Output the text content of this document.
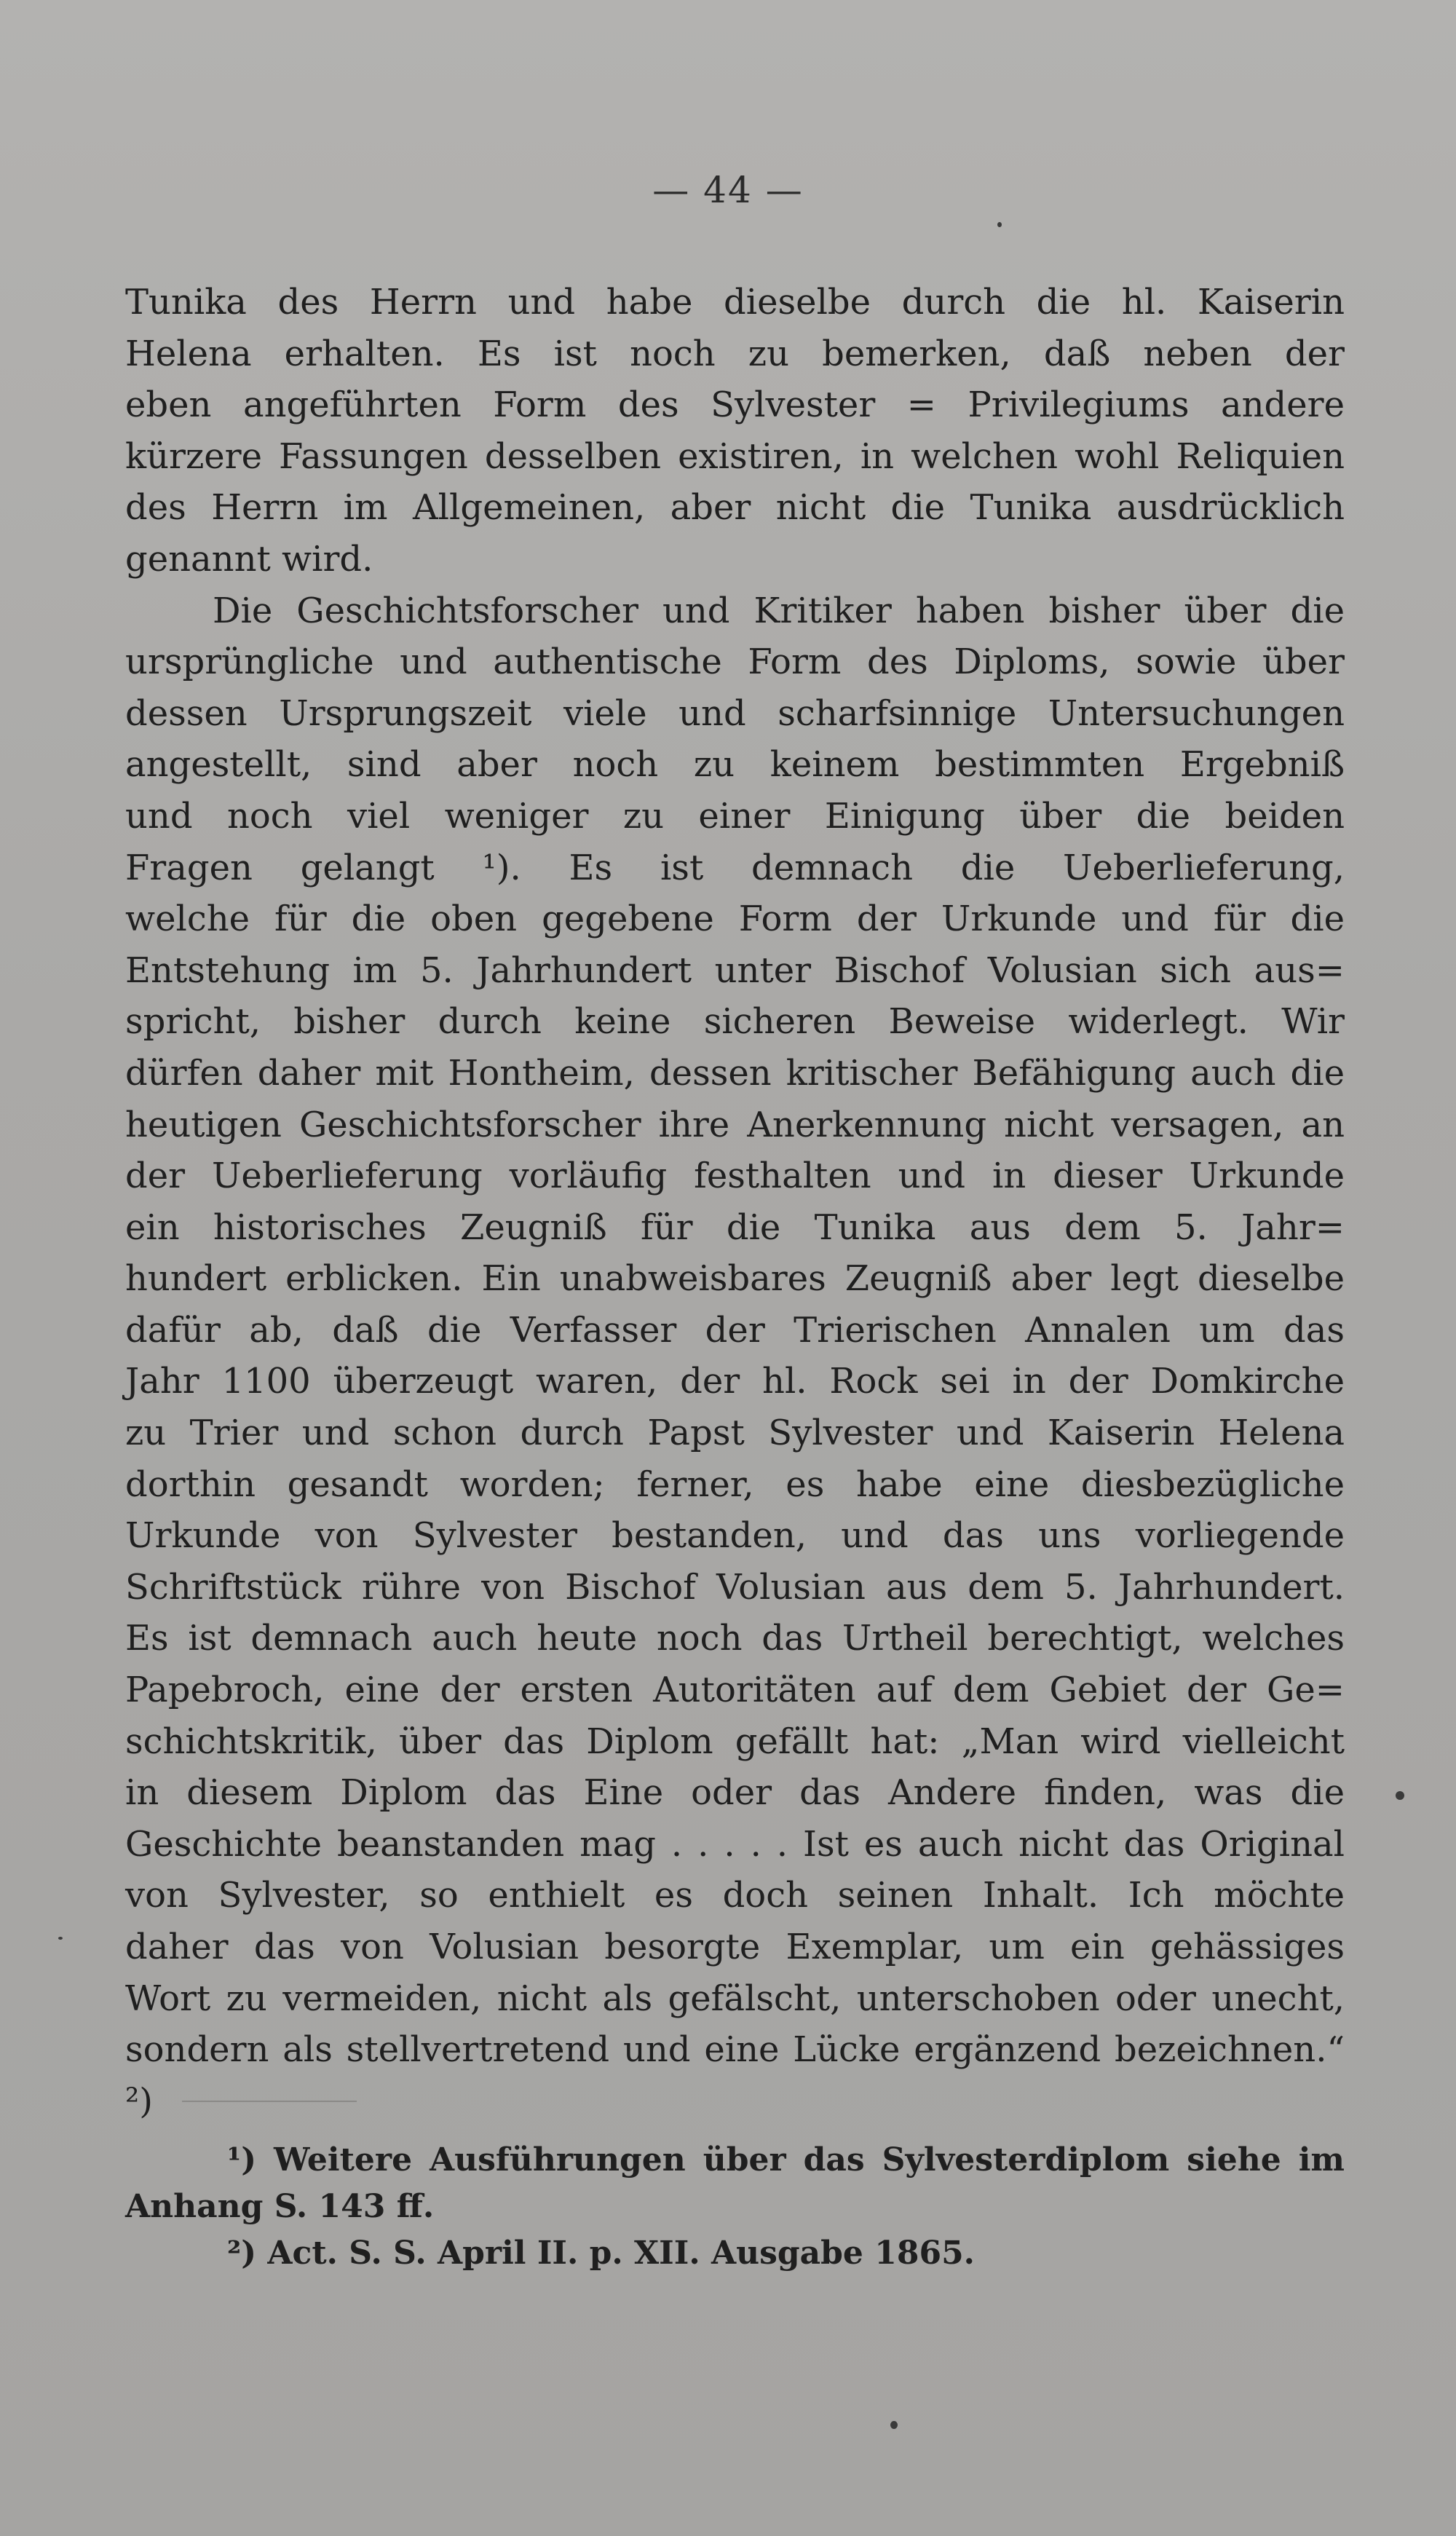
— 44 —
Tunika des Herrn und habe dieselbe durch die hl. Kaiserin
Helena erhalten. Es ist noch zu bemerken, daß neben der
eben angeführten Form des Sylvester = Privilegiums andere
kürzere Fassungen desselben existiren, in welchen wohl Reliquien
des Herrn im Allgemeinen, aber nicht die Tunika ausdrücklich
genannt wird.
Die Geschichtsforscher und Kritiker haben bisher über die
ursprüngliche und authentische Form des Diploms, sowie über
dessen Ursprungszeit viele und scharfsinnige Untersuchungen
angestellt, sind aber noch zu keinem bestimmten Ergebniß
und noch viel weniger zu einer Einigung über die beiden
Fragen gelangt ¹). Es ist demnach die Ueberlieferung,
welche für die oben gegebene Form der Urkunde und für die
Entstehung im 5. Jahrhundert unter Bischof Volusian sich aus=
spricht, bisher durch keine sicheren Beweise widerlegt. Wir
dürfen daher mit Hontheim, dessen kritischer Befähigung auch die
heutigen Geschichtsforscher ihre Anerkennung nicht versagen, an
der Ueberlieferung vorläufig festhalten und in dieser Urkunde
ein historisches Zeugniß für die Tunika aus dem 5. Jahr=
hundert erblicken. Ein unabweisbares Zeugniß aber legt dieselbe
dafür ab, daß die Verfasser der Trierischen Annalen um das
Jahr 1100 überzeugt waren, der hl. Rock sei in der Domkirche
zu Trier und schon durch Papst Sylvester und Kaiserin Helena
dorthin gesandt worden; ferner, es habe eine diesbezügliche
Urkunde von Sylvester bestanden, und das uns vorliegende
Schriftstück rühre von Bischof Volusian aus dem 5. Jahrhundert.
Es ist demnach auch heute noch das Urtheil berechtigt, welches
Papebroch, eine der ersten Autoritäten auf dem Gebiet der Ge=
schichtskritik, über das Diplom gefällt hat: „Man wird vielleicht
in diesem Diplom das Eine oder das Andere finden, was die
Geschichte beanstanden mag . . . . . Ist es auch nicht das Original
von Sylvester, so enthielt es doch seinen Inhalt. Ich möchte
daher das von Volusian besorgte Exemplar, um ein gehässiges
Wort zu vermeiden, nicht als gefälscht, unterschoben oder unecht,
sondern als stellvertretend und eine Lücke ergänzend bezeichnen.“ ²)
¹) Weitere Ausführungen über das Sylvesterdiplom siehe im
Anhang S. 143 ff.
²) Act. S. S. April II. p. XII. Ausgabe 1865.
